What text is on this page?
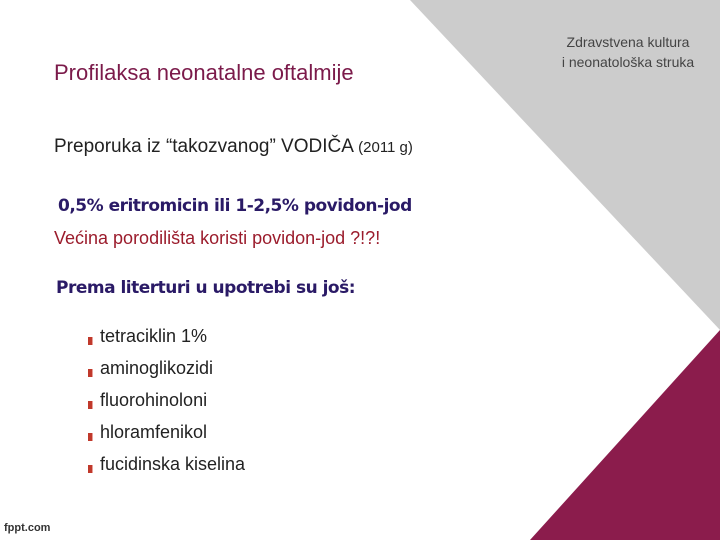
Zdravstvena kultura
i neonatološka struka
Profilaksa neonatalne oftalmije
Preporuka iz “takozvanog” VODIČA (2011 g)
0,5% eritromicin ili 1-2,5% povidon-jod
Većina porodilišta koristi povidon-jod ?!?!
Prema literturi u upotrebi su još:
tetraciklin 1%
aminoglikozidi
fluorohinoloni
hloramfenikol
fucidinska kiselina
fppt.com
